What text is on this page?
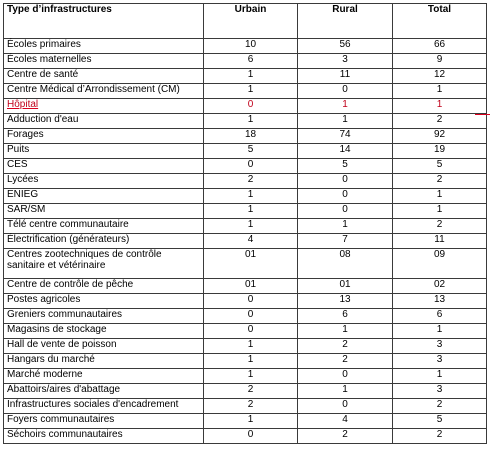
Type d’infrastructures	Urbain	Rural	Total
Écoles primaires	10	56	66
Écoles maternelles	6	3	9
Centre de santé	1	11	12
Centre Médical d’Arrondissement (CM)	1	0	1
Hôpital	0	1	1
Adduction d'eau	1	1	2
Forages	18	74	92
Puits	5	14	19
CES	0	5	5
Lycées	2	0	2
ENIEG	1	0	1
SAR/SM	1	0	1
Télé centre communautaire	1	1	2
Électrification (générateurs)	4	7	11
Centres zootechniques de contrôle sanitaire et vétérinaire	01	08	09
Centre de contrôle de pêche	01	01	02
Postes agricoles	0	13	13
Greniers communautaires	0	6	6
Magasins de stockage	0	1	1
Hall de vente de poisson	1	2	3
Hangars du marché	1	2	3
Marché moderne	1	0	1
Abattoirs/aires d'abattage	2	1	3
Infrastructures sociales d'encadrement	2	0	2
Foyers communautaires	1	4	5
Séchoirs communautaires	0	2	2
